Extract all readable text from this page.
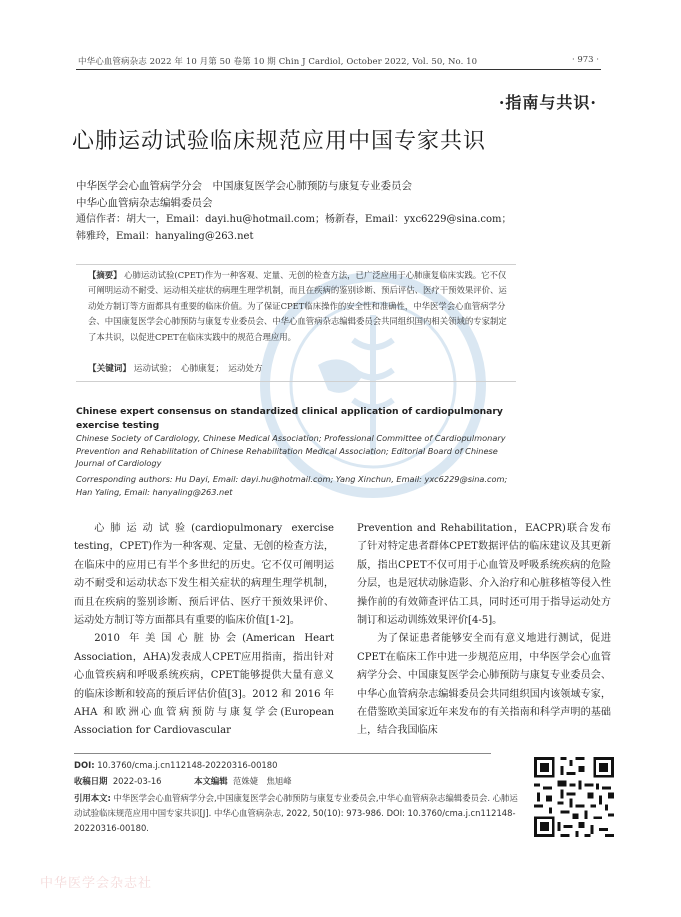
中华心血管病杂志 2022 年 10 月第 50 卷第 10 期 Chin J Cardiol, October 2022, Vol. 50, No. 10	· 973 ·
·指南与共识·
心肺运动试验临床规范应用中国专家共识
中华医学会心血管病学分会　中国康复医学会心肺预防与康复专业委员会
中华心血管病杂志编辑委员会
通信作者：胡大一，Email：dayi.hu@hotmail.com；杨新春，Email：yxc6229@sina.com；韩雅玲，Email：hanyaling@263.net
【摘要】 心肺运动试验(CPET)作为一种客观、定量、无创的检查方法，已广泛应用于心肺康复临床实践。它不仅可阐明运动不耐受、运动相关症状的病理生理学机制，而且在疾病的鉴别诊断、预后评估、医疗干预效果评价、运动处方制订等方面都具有重要的临床价值。为了保证CPET临床操作的安全性和准确性，中华医学会心血管病学分会、中国康复医学会心肺预防与康复专业委员会、中华心血管病杂志编辑委员会共同组织国内相关领域的专家制定了本共识，以促进CPET在临床实践中的规范合理应用。
【关键词】 运动试验；　心肺康复；　运动处方
Chinese expert consensus on standardized clinical application of cardiopulmonary exercise testing
Chinese Society of Cardiology, Chinese Medical Association; Professional Committee of Cardiopulmonary Prevention and Rehabilitation of Chinese Rehabilitation Medical Association; Editorial Board of Chinese Journal of Cardiology
Corresponding authors: Hu Dayi, Email: dayi.hu@hotmail.com; Yang Xinchun, Email: yxc6229@sina.com; Han Yaling, Email: hanyaling@263.net

心肺运动试验(cardiopulmonary exercise testing，CPET)作为一种客观、定量、无创的检查方法，在临床中的应用已有半个多世纪的历史。它不仅可阐明运动不耐受和运动状态下发生相关症状的病理生理学机制，而且在疾病的鉴别诊断、预后评估、医疗干预效果评价、运动处方制订等方面都具有重要的临床价值[1-2]。

2010 年美国心脏协会(American Heart Association，AHA)发表成人CPET应用指南，指出针对心血管疾病和呼吸系统疾病，CPET能够提供大量有意义的临床诊断和较高的预后评估价值[3]。2012 和 2016 年 AHA 和欧洲心血管病预防与康复学会(European Association for Cardiovascular

Prevention and Rehabilitation，EACPR)联合发布了针对特定患者群体CPET数据评估的临床建议及其更新版，指出CPET不仅可用于心血管及呼吸系统疾病的危险分层，也是冠状动脉造影、介入治疗和心脏移植等侵入性操作前的有效筛查评估工具，同时还可用于指导运动处方制订和运动训练效果评价[4-5]。

为了保证患者能够安全而有意义地进行测试，促进CPET在临床工作中进一步规范应用，中华医学会心血管病学分会、中国康复医学会心肺预防与康复专业委员会、中华心血管病杂志编辑委员会共同组织国内该领域专家，在借鉴欧美国家近年来发布的有关指南和科学声明的基础上，结合我国临床

DOI: 10.3760/cma.j.cn112148-20220316-00180
收稿日期 2022-03-16	本文编辑 范姝婕　焦旭峰
引用本文: 中华医学会心血管病学分会,中国康复医学会心肺预防与康复专业委员会,中华心血管病杂志编辑委员会. 心肺运动试验临床规范应用中国专家共识[J]. 中华心血管病杂志, 2022, 50(10): 973-986. DOI: 10.3760/cma.j.cn112148-20220316-00180.
中华医学会杂志社
